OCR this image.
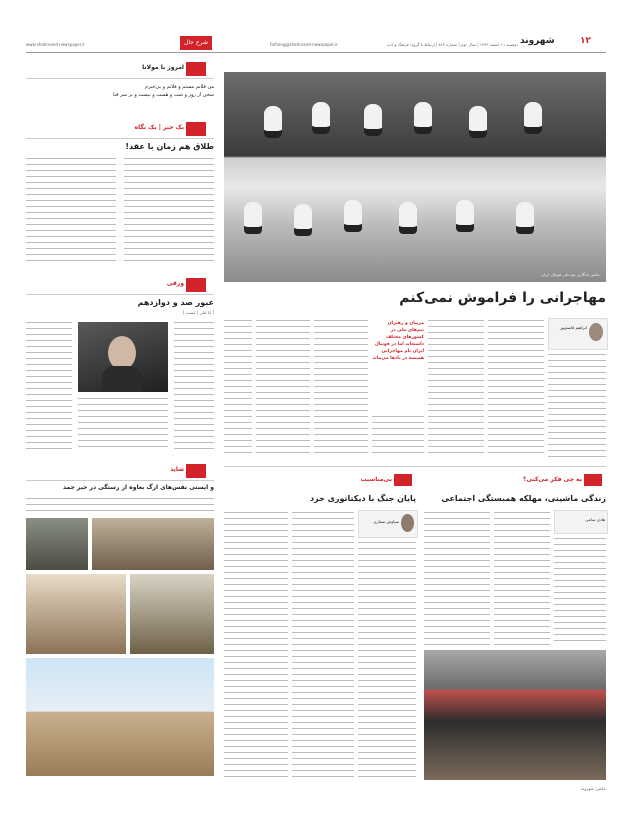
۱۲
شهروند
دوشنبه ۱۱ اسفند ۱۳۹۳ | سال دوم | شماره ۵۱۴ | ارتباط با گروه: فرهنگ و ادب
www.shahrvand-newspaper.ir	farhang@shahrvand-newspaper.ir
شرح حال
امروز با مولانا
من فلانم مستم و فلانم و بی‌خبرم
سخن از روز و شب و هست و نیست و بر سر فنا
یک خبر | یک نگاه
طلاق هم زمان با عقد!
ورقی
عبور صد و دوازدهم
[ انا لیلی | لیست ]
شاید
و ایستی نفس‌های ارگ بغاوه از رستگی در حیر جمد
عکس یادگاری تیم ملی فوتبال ایران
مهاجرانی را فراموش نمی‌کنم
ابراهیم قاسم‌پور
مربیان و رهبران تیم‌های ملی در کشورهای مختلف داشته‌اند اما در فوتبال ایران نام مهاجرانی همیشه در یادها می‌ماند
به چی فکر می‌کنی؟
زندگی ماشینی، مهلکه همبستگی اجتماعی
هادی ساعی
بی‌مناسبت
پایان جنگ با دیکتاتوری خرد
سیاوش صفاری
عکس: شهروند
